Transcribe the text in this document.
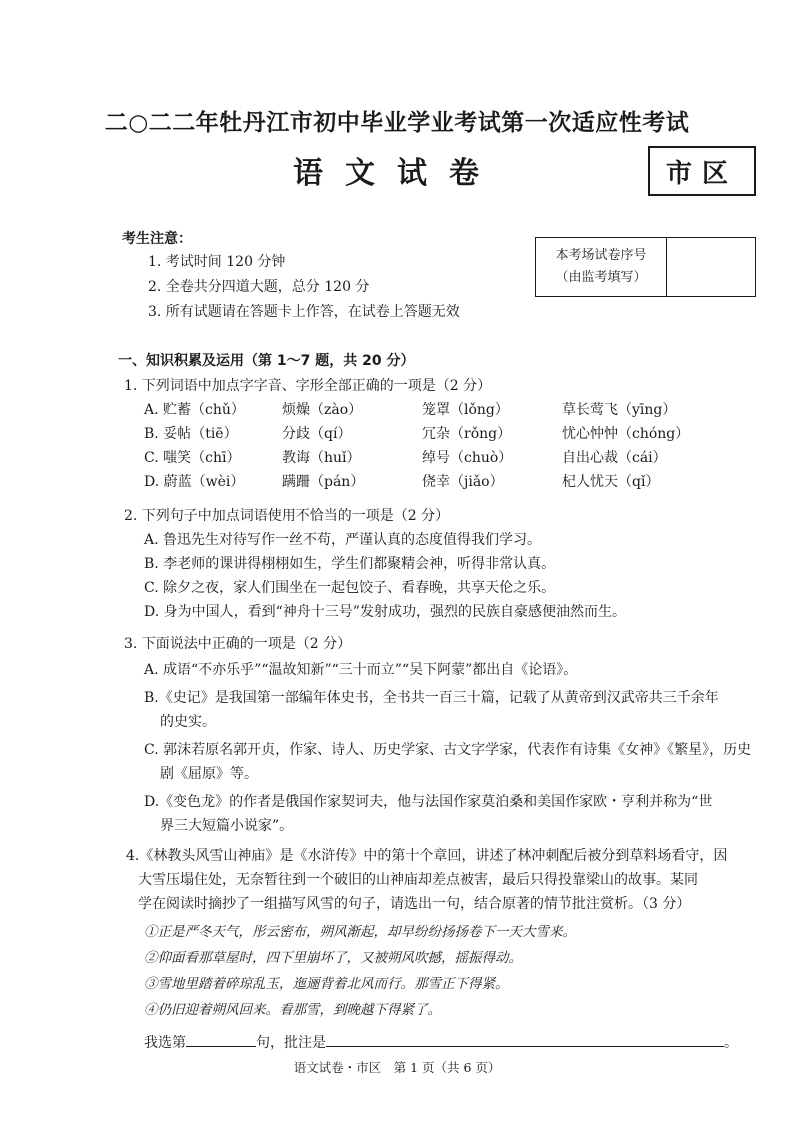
二○二二年牡丹江市初中毕业学业考试第一次适应性考试
语文试卷	市区
考生注意：
1. 考试时间 120 分钟
2. 全卷共分四道大题，总分 120 分
3. 所有试题请在答题卡上作答，在试卷上答题无效
本考场试卷序号
（由监考填写）
一、知识积累及运用（第 1～7 题，共 20 分）
1. 下列词语中加点字字音、字形全部正确的一项是（2 分）
A. 贮蓄（chǔ）	烦燥（zào）	笼罩（lǒng）	草长莺飞（yīng）
B. 妥帖（tiē）	分歧（qí）	冗杂（rǒng）	忧心忡忡（chóng）
C. 嗤笑（chī）	教诲（huǐ）	绰号（chuò）	自出心裁（cái）
D. 蔚蓝（wèi）	蹒跚（pán）	侥幸（jiǎo）	杞人忧天（qǐ）
2. 下列句子中加点词语使用不恰当的一项是（2 分）
A. 鲁迅先生对待写作一丝不苟，严谨认真的态度值得我们学习。
B. 李老师的课讲得栩栩如生，学生们都聚精会神，听得非常认真。
C. 除夕之夜，家人们围坐在一起包饺子、看春晚，共享天伦之乐。
D. 身为中国人，看到“神舟十三号”发射成功，强烈的民族自豪感便油然而生。
3. 下面说法中正确的一项是（2 分）
A. 成语“不亦乐乎”“温故知新”“三十而立”“吴下阿蒙”都出自《论语》。
B.《史记》是我国第一部编年体史书，全书共一百三十篇，记载了从黄帝到汉武帝共三千余年
的史实。
C. 郭沫若原名郭开贞，作家、诗人、历史学家、古文字学家，代表作有诗集《女神》《繁星》，历史
剧《屈原》等。
D.《变色龙》的作者是俄国作家契诃夫，他与法国作家莫泊桑和美国作家欧・亨利并称为“世
界三大短篇小说家”。
4.《林教头风雪山神庙》是《水浒传》中的第十个章回，讲述了林冲刺配后被分到草料场看守，因
大雪压塌住处，无奈暂往到一个破旧的山神庙却差点被害，最后只得投靠梁山的故事。某同
学在阅读时摘抄了一组描写风雪的句子，请选出一句，结合原著的情节批注赏析。（3 分）
①正是严冬天气，彤云密布，朔风渐起，却早纷纷扬扬卷下一天大雪来。
②仰面看那草屋时，四下里崩坏了，又被朔风吹撼，摇振得动。
③雪地里踏着碎琼乱玉，迤逦背着北风而行。那雪正下得紧。
④仍旧迎着朔风回来。看那雪，到晚越下得紧了。
我选第	句，批注是	。
语文试卷・市区　第 1 页（共 6 页）
